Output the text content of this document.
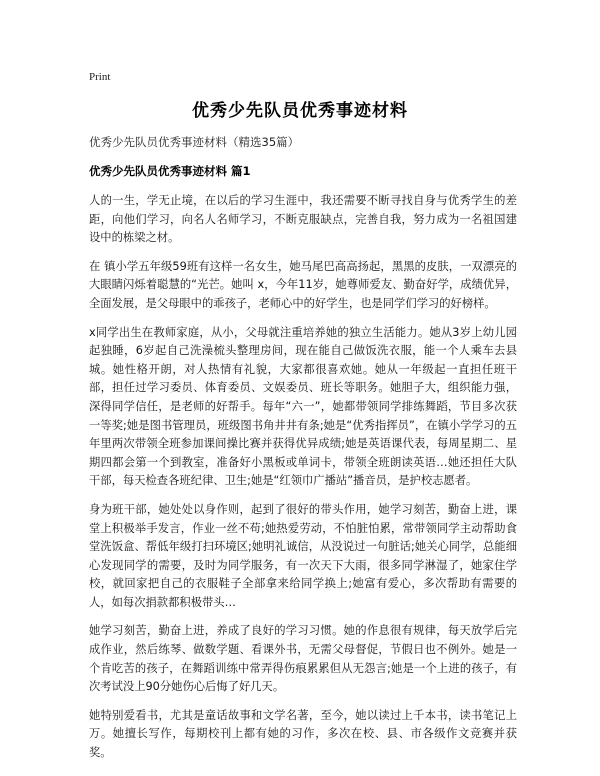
Print
优秀少先队员优秀事迹材料

优秀少先队员优秀事迹材料（精选35篇）

优秀少先队员优秀事迹材料 篇1

人的一生，学无止境，在以后的学习生涯中，我还需要不断寻找自身与优秀学生的差距，向他们学习，向名人名师学习，不断克服缺点，完善自我，努力成为一名祖国建设中的栋梁之材。

在 镇小学五年级59班有这样一名女生，她马尾巴高高扬起，黑黑的皮肤，一双漂亮的大眼睛闪烁着聪慧的“光芒。她叫 x，今年11岁，她尊师爱友、勤奋好学，成绩优异，全面发展，是父母眼中的乖孩子，老师心中的好学生，也是同学们学习的好榜样。

x同学出生在教师家庭，从小，父母就注重培养她的独立生活能力。她从3岁上幼儿园起独睡，6岁起自己洗澡梳头整理房间，现在能自己做饭洗衣服，能一个人乘车去县城。她性格开朗，对人热情有礼貌，大家都很喜欢她。她从一年级起一直担任班干部，担任过学习委员、体育委员、文娱委员、班长等职务。她胆子大，组织能力强，深得同学信任，是老师的好帮手。每年“六一”，她都带领同学排练舞蹈，节目多次获一等奖;她是图书管理员，班级图书角井井有条;她是“优秀指挥员”，在镇小学学习的五年里两次带领全班参加课间操比赛并获得优异成绩;她是英语课代表，每周星期二、星期四都会第一个到教室，准备好小黑板或单词卡，带领全班朗读英语…她还担任大队干部，每天检查各班纪律、卫生;她是“红领巾广播站”播音员，是护校志愿者。

身为班干部，她处处以身作则，起到了很好的带头作用，她学习刻苦，勤奋上进，课堂上积极举手发言，作业一丝不苟;她热爱劳动，不怕脏怕累，常带领同学主动帮助食堂洗饭盒、帮低年级打扫环境区;她明礼诚信，从没说过一句脏话;她关心同学，总能细心发现同学的需要，及时为同学服务，有一次天下大雨，很多同学淋湿了，她家住学校，就回家把自己的衣服鞋子全部拿来给同学换上;她富有爱心，多次帮助有需要的人，如每次捐款都积极带头…

她学习刻苦，勤奋上进，养成了良好的学习习惯。她的作息很有规律，每天放学后完成作业，然后练琴、做数学题、看课外书，无需父母督促，节假日也不例外。她是一个肯吃苦的孩子，在舞蹈训练中常弄得伤痕累累但从无怨言;她是一个上进的孩子，有次考试没上90分她伤心后悔了好几天。

她特别爱看书，尤其是童话故事和文学名著，至今，她以读过上千本书，读书笔记上万。她擅长写作，每期校刊上都有她的习作，多次在校、县、市各级作文竞赛并获奖。
